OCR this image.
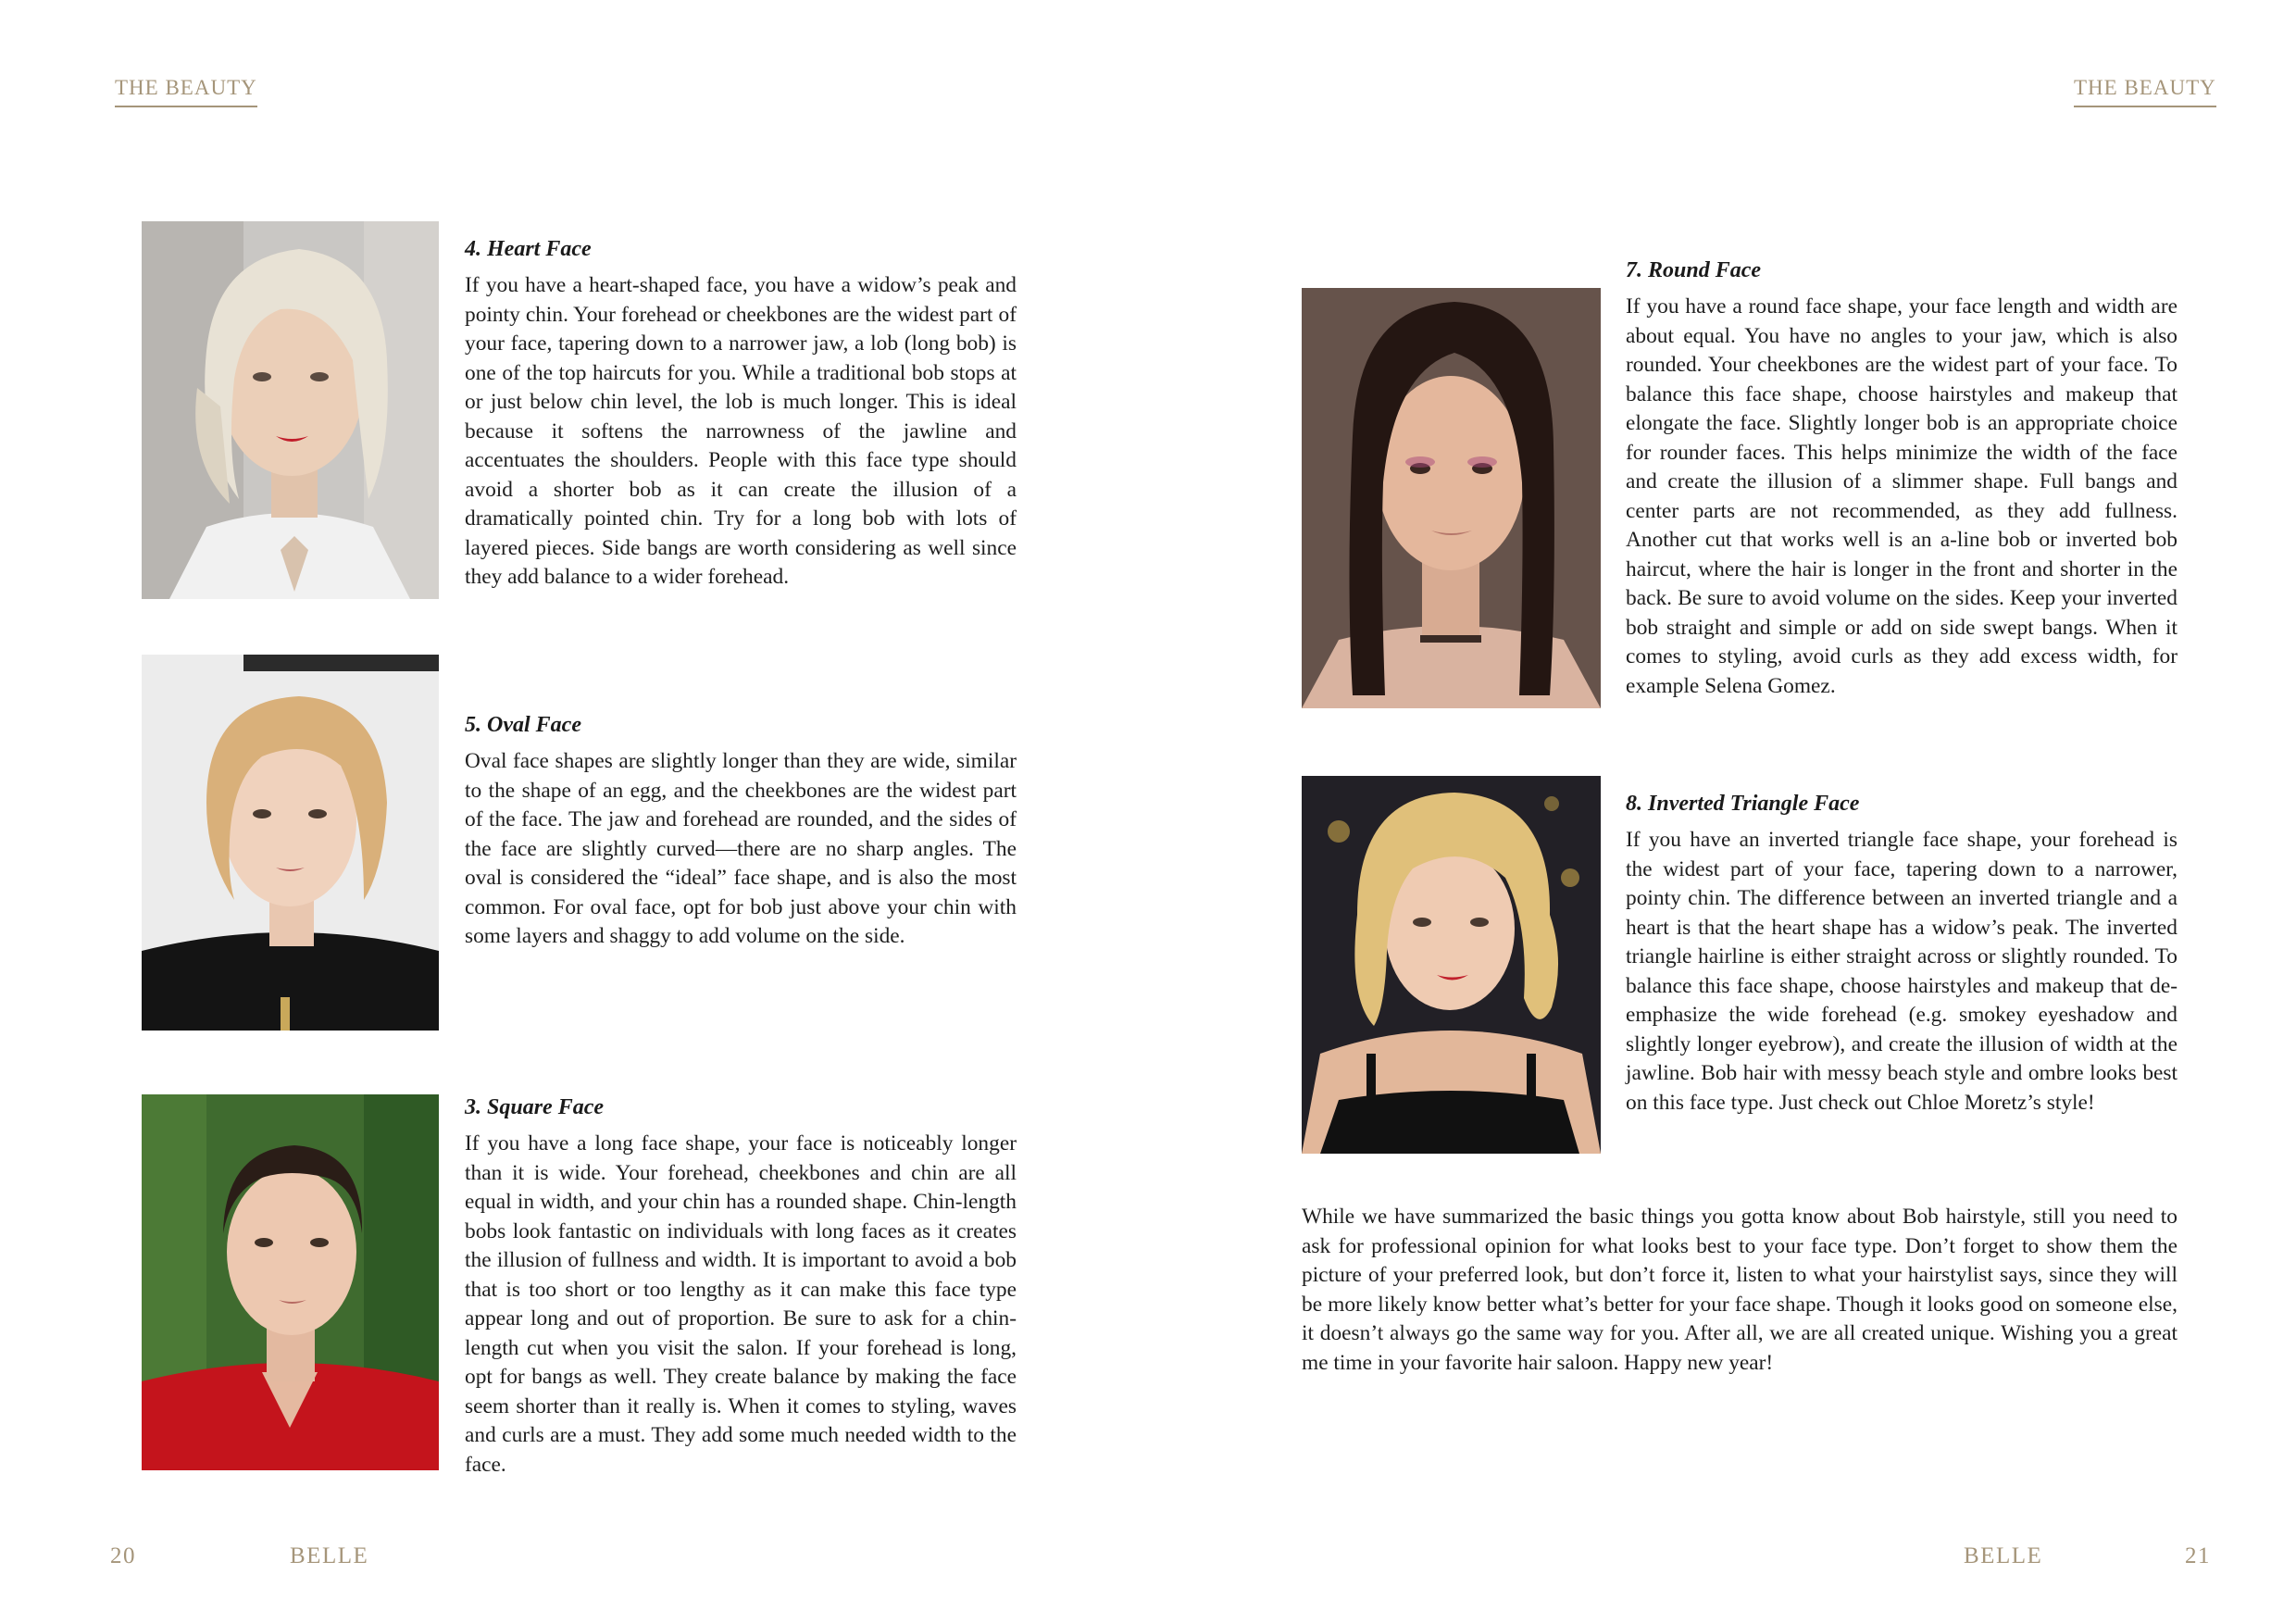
THE BEAUTY	THE BEAUTY
4. Heart Face

If you have a heart-shaped face, you have a widow’s peak and pointy chin. Your forehead or cheekbones are the widest part of your face, tapering down to a narrower jaw, a lob (long bob) is one of the top haircuts for you. While a traditional bob stops at or just below chin level, the lob is much longer. This is ideal because it softens the narrowness of the jawline and accentuates the shoulders. People with this face type should avoid a shorter bob as it can create the illusion of a dramatically pointed chin. Try for a long bob with lots of layered pieces. Side bangs are worth considering as well since they add balance to a wider forehead.

5. Oval Face

Oval face shapes are slightly longer than they are wide, similar to the shape of an egg, and the cheekbones are the widest part of the face. The jaw and forehead are rounded, and the sides of the face are slightly curved—there are no sharp angles. The oval is considered the “ideal” face shape, and is also the most common. For oval face, opt for bob just above your chin with some layers and shaggy to add volume on the side.

3. Square Face

If you have a long face shape, your face is noticeably longer than it is wide. Your forehead, cheekbones and chin are all equal in width, and your chin has a rounded shape. Chin-length bobs look fantastic on individuals with long faces as it creates the illusion of fullness and width. It is important to avoid a bob that is too short or too lengthy as it can make this face type appear long and out of proportion. Be sure to ask for a chin-length cut when you visit the salon. If your forehead is long, opt for bangs as well. They create balance by making the face seem shorter than it really is. When it comes to styling, waves and curls are a must. They add some much needed width to the face.

7. Round Face

If you have a round face shape, your face length and width are about equal. You have no angles to your jaw, which is also rounded. Your cheekbones are the widest part of your face. To balance this face shape, choose hairstyles and makeup that elongate the face. Slightly longer bob is an appropriate choice for rounder faces. This helps minimize the width of the face and create the illusion of a slimmer shape. Full bangs and center parts are not recommended, as they add fullness. Another cut that works well is an a-line bob or inverted bob haircut, where the hair is longer in the front and shorter in the back. Be sure to avoid volume on the sides. Keep your inverted bob straight and simple or add on side swept bangs. When it comes to styling, avoid curls as they add excess width, for example Selena Gomez.

8. Inverted Triangle Face

If you have an inverted triangle face shape, your forehead is the widest part of your face, tapering down to a narrower, pointy chin. The difference between an inverted triangle and a heart is that the heart shape has a widow’s peak. The inverted triangle hairline is either straight across or slightly rounded. To balance this face shape, choose hairstyles and makeup that de-emphasize the wide forehead (e.g. smokey eyeshadow and slightly longer eyebrow), and create the illusion of width at the jawline. Bob hair with messy beach style and ombre looks best on this face type. Just check out Chloe Moretz’s style!

While we have summarized the basic things you gotta know about Bob hairstyle, still you need to ask for professional opinion for what looks best to your face type. Don’t forget to show them the picture of your preferred look, but don’t force it, listen to what your hairstylist says, since they will be more likely know better what’s better for your face shape. Though it looks good on someone else, it doesn’t always go the same way for you. After all, we are all created unique. Wishing you a great me time in your favorite hair saloon. Happy new year!

20	BELLE	BELLE	21
